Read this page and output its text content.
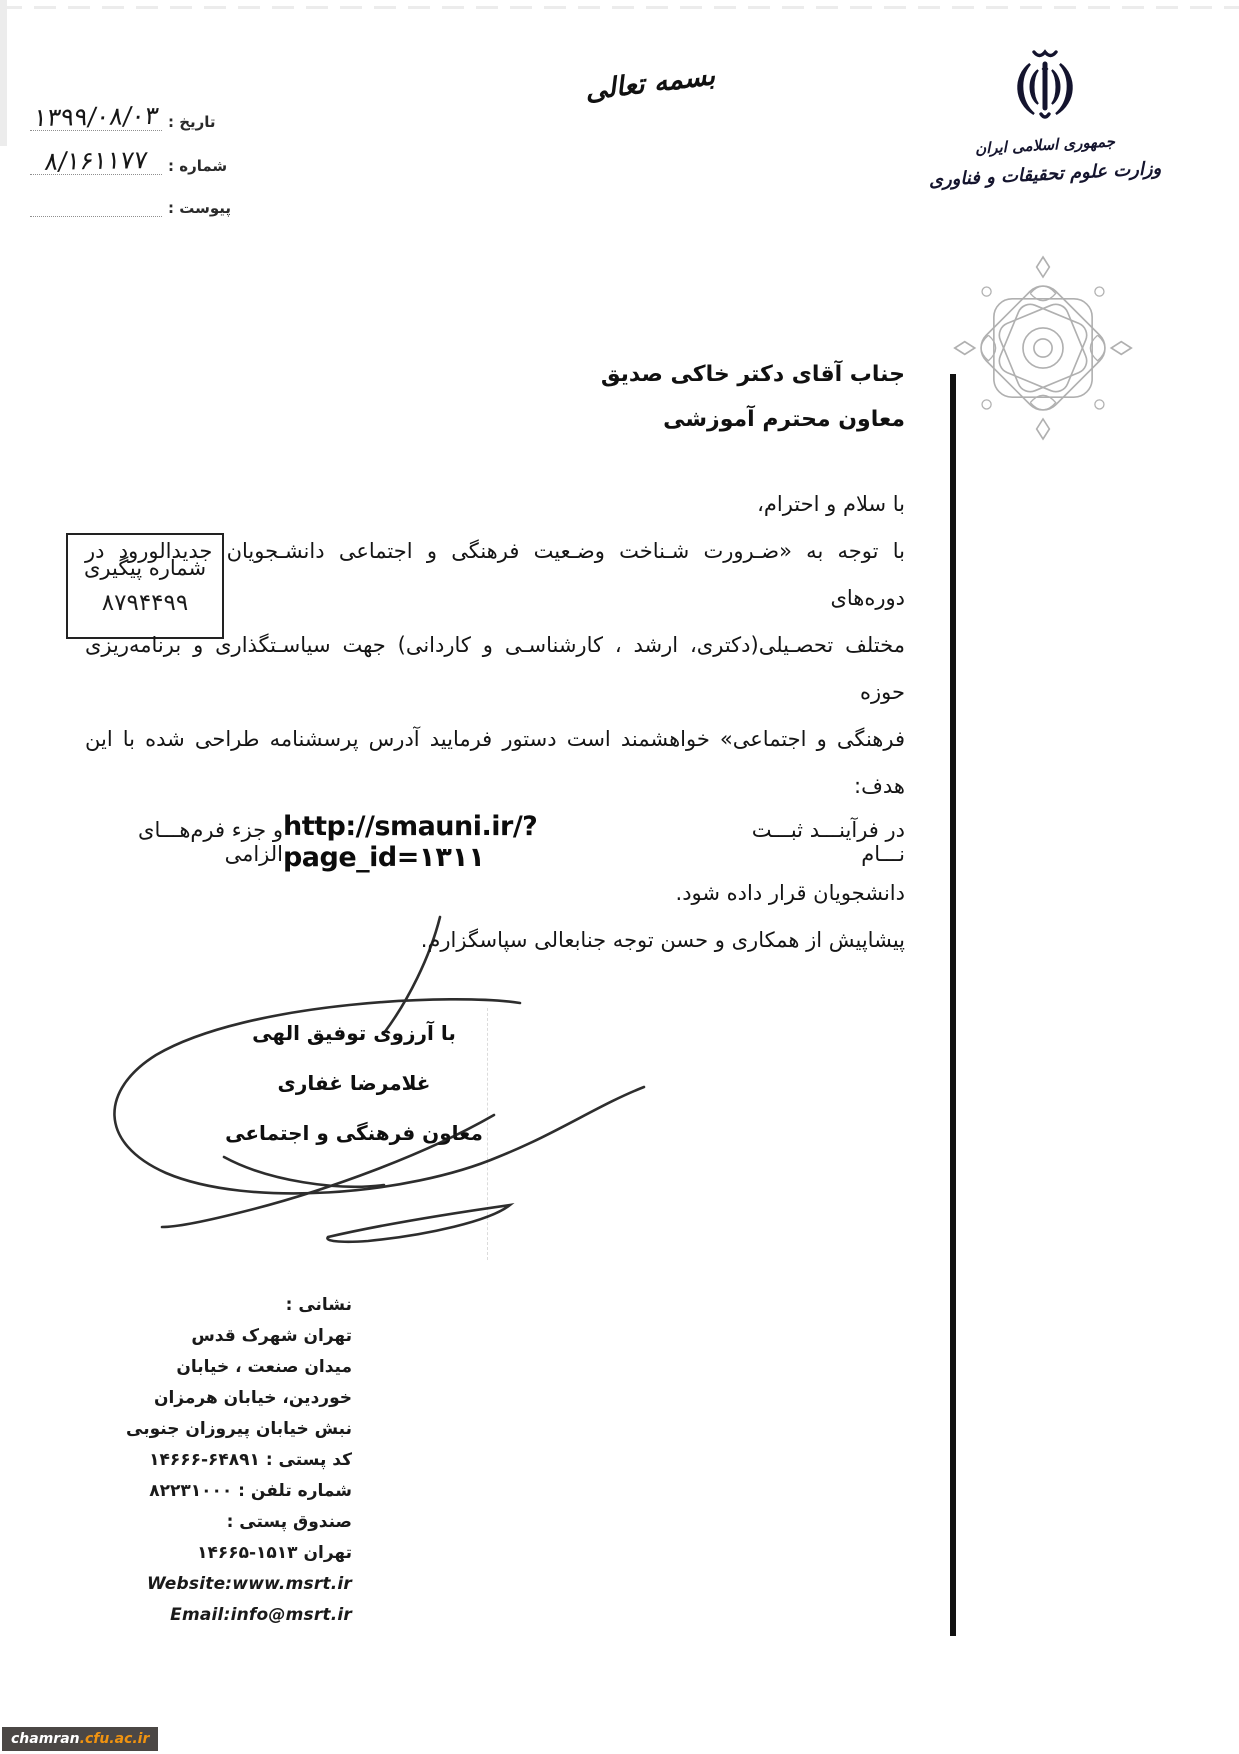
تاریخ :
۱۳۹۹/۰۸/۰۳
شماره :
۸/۱۶۱۱۷۷
پیوست :
بسمه تعالی
جمهوری اسلامی ایران
وزارت علوم تحقیقات و فناوری
جناب آقای دکتر خاکی صدیق
معاون محترم آموزشی
شماره پیگیری
۸۷۹۴۴۹۹
با سلام و احترام،
با توجه به «ضـرورت شـناخت وضـعیت فرهنگی و اجتماعی دانشـجویان جدیدالورود در دوره‌های
مختلف تحصـیلی(دکتری، ارشد ، کارشناسـی و کاردانی) جهت سیاسـتگذاری و برنامه‌ریزی حوزه
فرهنگی و اجتماعی» خواهشمند است دستور فرمایید آدرس پرسشنامه طراحی شده با این هدف:
در فرآینـــد ثبـــت نـــام
http://smauni.ir/?page_id=۱۳۱۱
و جزء فرم‌هـــای الزامی
دانشجویان قرار داده شود.
پیشاپیش از همکاری و حسن توجه جنابعالی سپاسگزارم.
با آرزوی توفیق الهی
غلامرضا غفاری
معاون فرهنگی و اجتماعی
نشانی :
تهران شهرک قدس
میدان صنعت ، خیابان
خوردین، خیابان هرمزان
نبش خیابان پیروزان جنوبی
کد پستی : ۱۴۶۶۶-۶۴۸۹۱
شماره تلفن : ۸۲۲۳۱۰۰۰
صندوق پستی :
تهران ۱۴۶۶۵-۱۵۱۳
Website:www.msrt.ir
Email:info@msrt.ir
chamran .cfu.ac.ir
